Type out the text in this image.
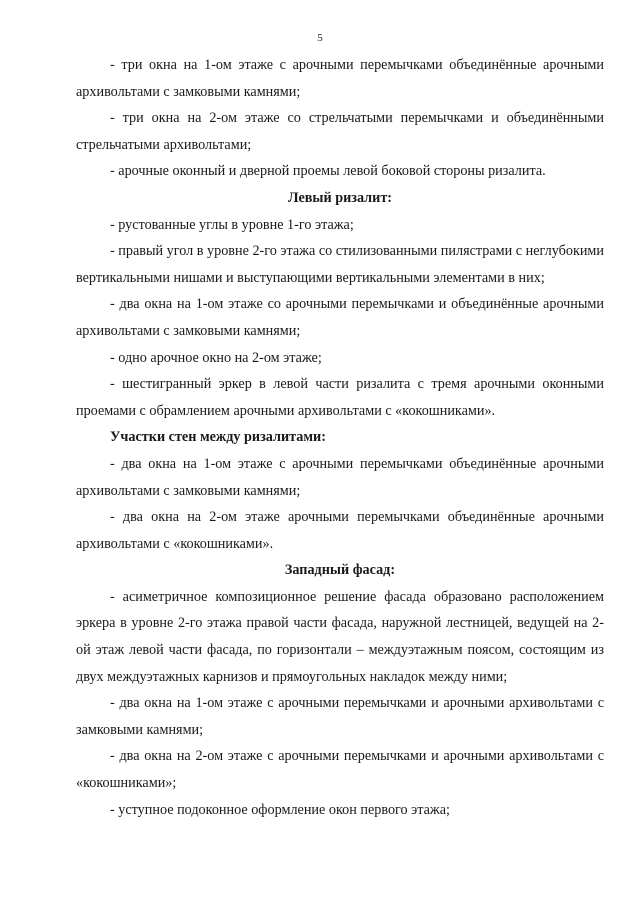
5

- три окна на 1-ом этаже с арочными перемычками объединённые арочными архивольтами с замковыми камнями;

- три окна на 2-ом этаже со стрельчатыми перемычками и объединёнными стрельчатыми архивольтами;

- арочные оконный и дверной проемы левой боковой стороны ризалита.

Левый ризалит:

- рустованные углы в уровне 1-го этажа;

- правый угол в уровне 2-го этажа со стилизованными пилястрами с неглубокими вертикальными нишами и выступающими вертикальными элементами в них;

- два окна на 1-ом этаже со арочными перемычками и объединённые арочными архивольтами с замковыми камнями;

- одно арочное окно на 2-ом этаже;

- шестигранный эркер в левой части ризалита с тремя арочными оконными проемами с обрамлением арочными архивольтами с «кокошниками».

Участки стен между ризалитами:

- два окна на 1-ом этаже с арочными перемычками объединённые арочными архивольтами с замковыми камнями;

- два окна на 2-ом этаже арочными перемычками объединённые арочными архивольтами с «кокошниками».

Западный фасад:

- асиметричное композиционное решение фасада образовано расположением эркера в уровне 2-го этажа правой части фасада, наружной лестницей, ведущей на 2-ой этаж левой части фасада, по горизонтали – междуэтажным поясом, состоящим из двух междуэтажных карнизов и прямоугольных накладок между ними;

- два окна на 1-ом этаже с арочными перемычками и арочными архивольтами с замковыми камнями;

- два окна на 2-ом этаже с арочными перемычками и арочными архивольтами с «кокошниками»;

- уступное подоконное оформление окон первого этажа;
